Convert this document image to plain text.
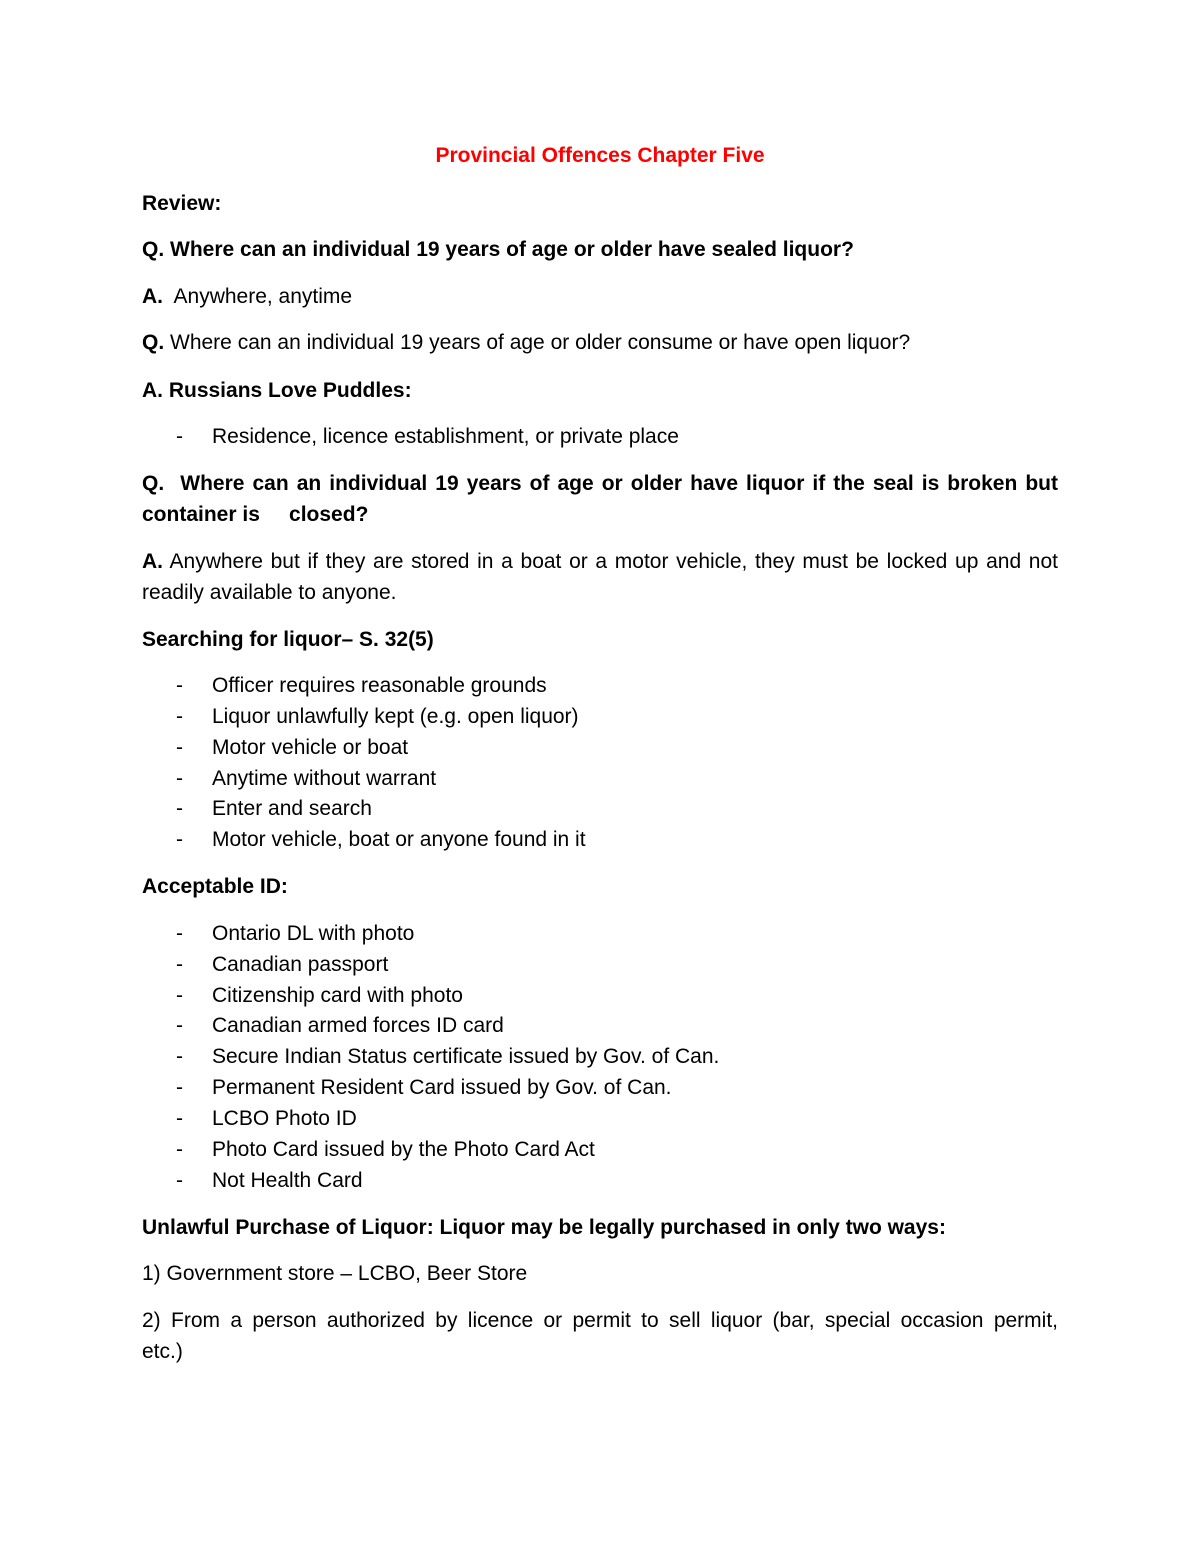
Provincial Offences Chapter Five
Review:
Q. Where can an individual 19 years of age or older have sealed liquor?
A.  Anywhere, anytime
Q. Where can an individual 19 years of age or older consume or have open liquor?
A. Russians Love Puddles:
- Residence, licence establishment, or private place
Q. Where can an individual 19 years of age or older have liquor if the seal is broken but
container is     closed?
A. Anywhere but if they are stored in a boat or a motor vehicle, they must be locked up and not
readily available to anyone.
Searching for liquor– S. 32(5)
- Officer requires reasonable grounds
- Liquor unlawfully kept (e.g. open liquor)
- Motor vehicle or boat
- Anytime without warrant
- Enter and search
- Motor vehicle, boat or anyone found in it
Acceptable ID:
- Ontario DL with photo
- Canadian passport
- Citizenship card with photo
- Canadian armed forces ID card
- Secure Indian Status certificate issued by Gov. of Can.
- Permanent Resident Card issued by Gov. of Can.
- LCBO Photo ID
- Photo Card issued by the Photo Card Act
- Not Health Card
Unlawful Purchase of Liquor: Liquor may be legally purchased in only two ways:
1) Government store – LCBO, Beer Store
2) From a person authorized by licence or permit to sell liquor (bar, special occasion permit,
etc.)
